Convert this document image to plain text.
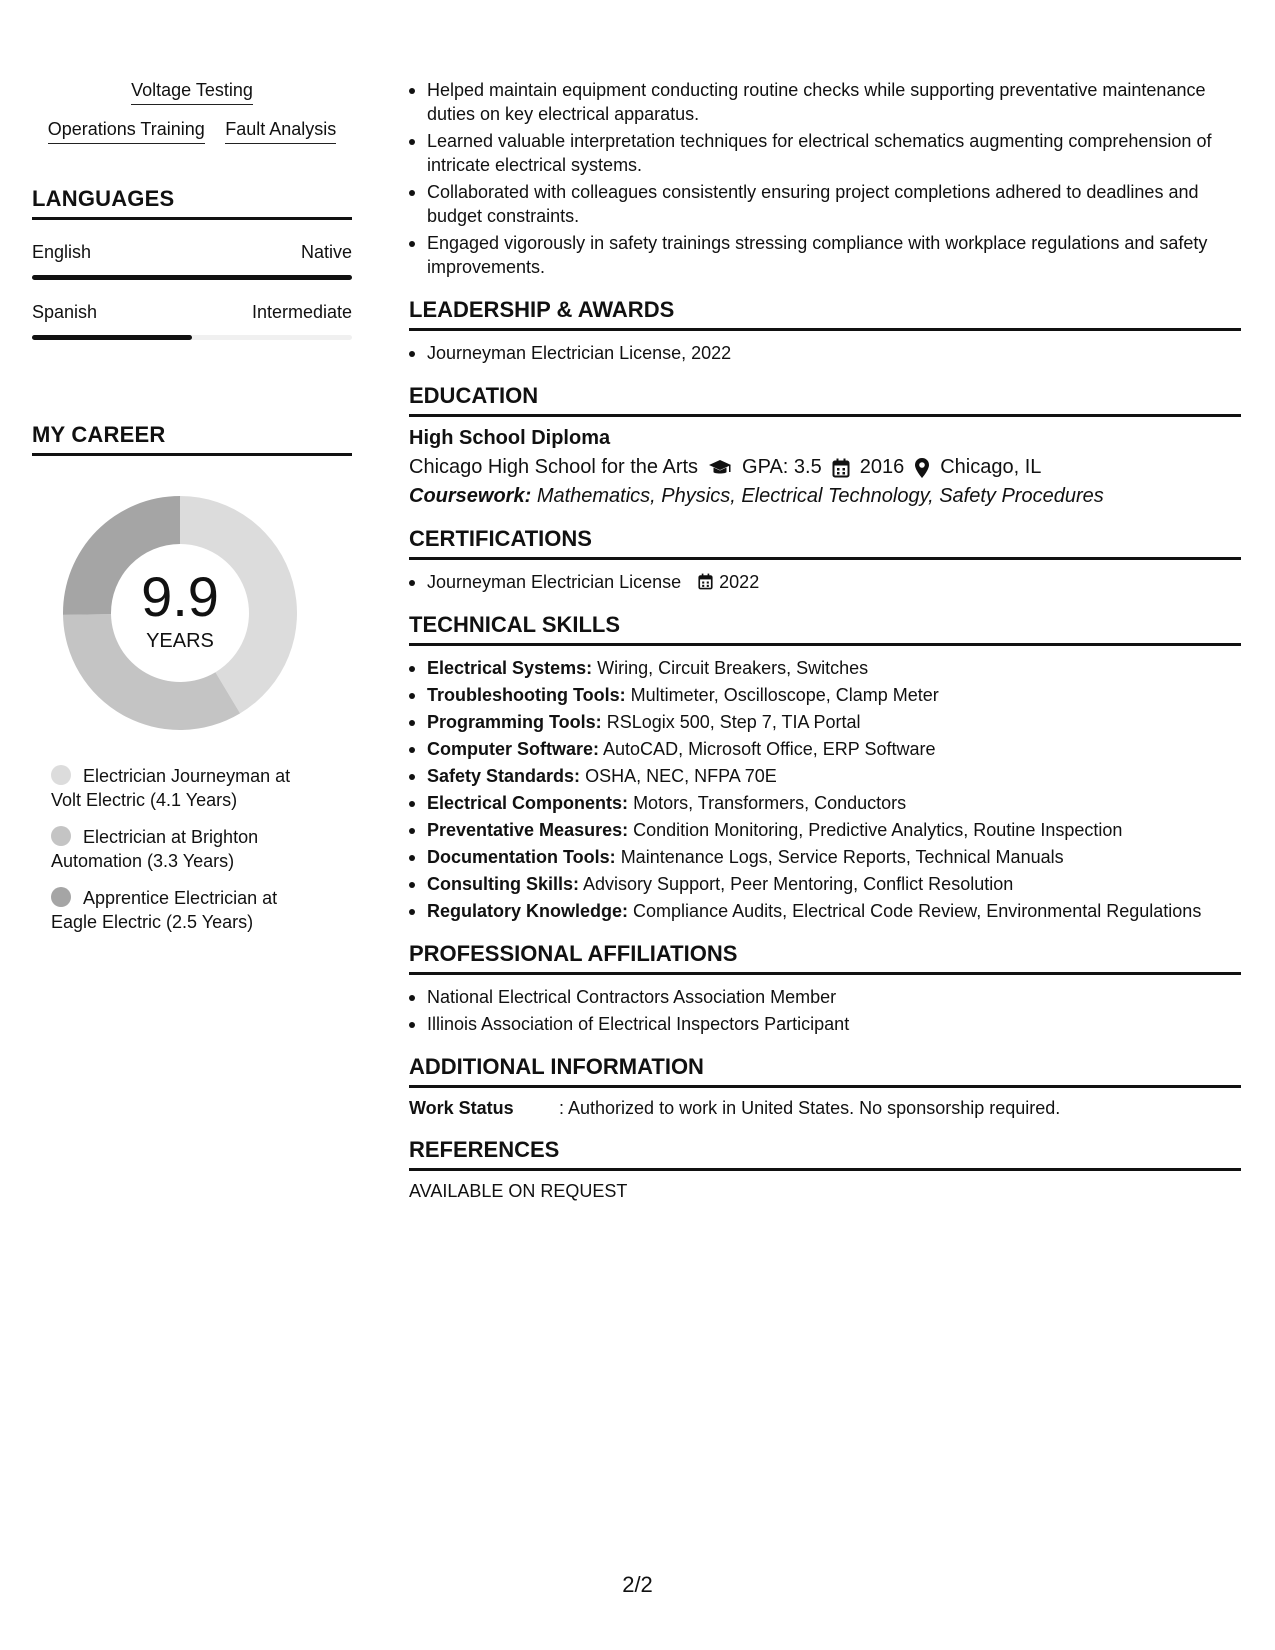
Voltage Testing
Operations Training Fault Analysis
LANGUAGES
English	Native
Spanish	Intermediate
MY CAREER
9.9
YEARS
Electrician Journeyman at Volt Electric (4.1 Years)
Electrician at Brighton Automation (3.3 Years)
Apprentice Electrician at Eagle Electric (2.5 Years)
Helped maintain equipment conducting routine checks while supporting preventative maintenance duties on key electrical apparatus.
Learned valuable interpretation techniques for electrical schematics augmenting comprehension of intricate electrical systems.
Collaborated with colleagues consistently ensuring project completions adhered to deadlines and budget constraints.
Engaged vigorously in safety trainings stressing compliance with workplace regulations and safety improvements.
LEADERSHIP & AWARDS
Journeyman Electrician License, 2022
EDUCATION
High School Diploma
Chicago High School for the Arts GPA: 3.5 2016 Chicago, IL
Coursework: Mathematics, Physics, Electrical Technology, Safety Procedures
CERTIFICATIONS
Journeyman Electrician License 2022
TECHNICAL SKILLS
Electrical Systems: Wiring, Circuit Breakers, Switches
Troubleshooting Tools: Multimeter, Oscilloscope, Clamp Meter
Programming Tools: RSLogix 500, Step 7, TIA Portal
Computer Software: AutoCAD, Microsoft Office, ERP Software
Safety Standards: OSHA, NEC, NFPA 70E
Electrical Components: Motors, Transformers, Conductors
Preventative Measures: Condition Monitoring, Predictive Analytics, Routine Inspection
Documentation Tools: Maintenance Logs, Service Reports, Technical Manuals
Consulting Skills: Advisory Support, Peer Mentoring, Conflict Resolution
Regulatory Knowledge: Compliance Audits, Electrical Code Review, Environmental Regulations
PROFESSIONAL AFFILIATIONS
National Electrical Contractors Association Member
Illinois Association of Electrical Inspectors Participant
ADDITIONAL INFORMATION
Work Status	: Authorized to work in United States. No sponsorship required.
REFERENCES
AVAILABLE ON REQUEST
2/2
